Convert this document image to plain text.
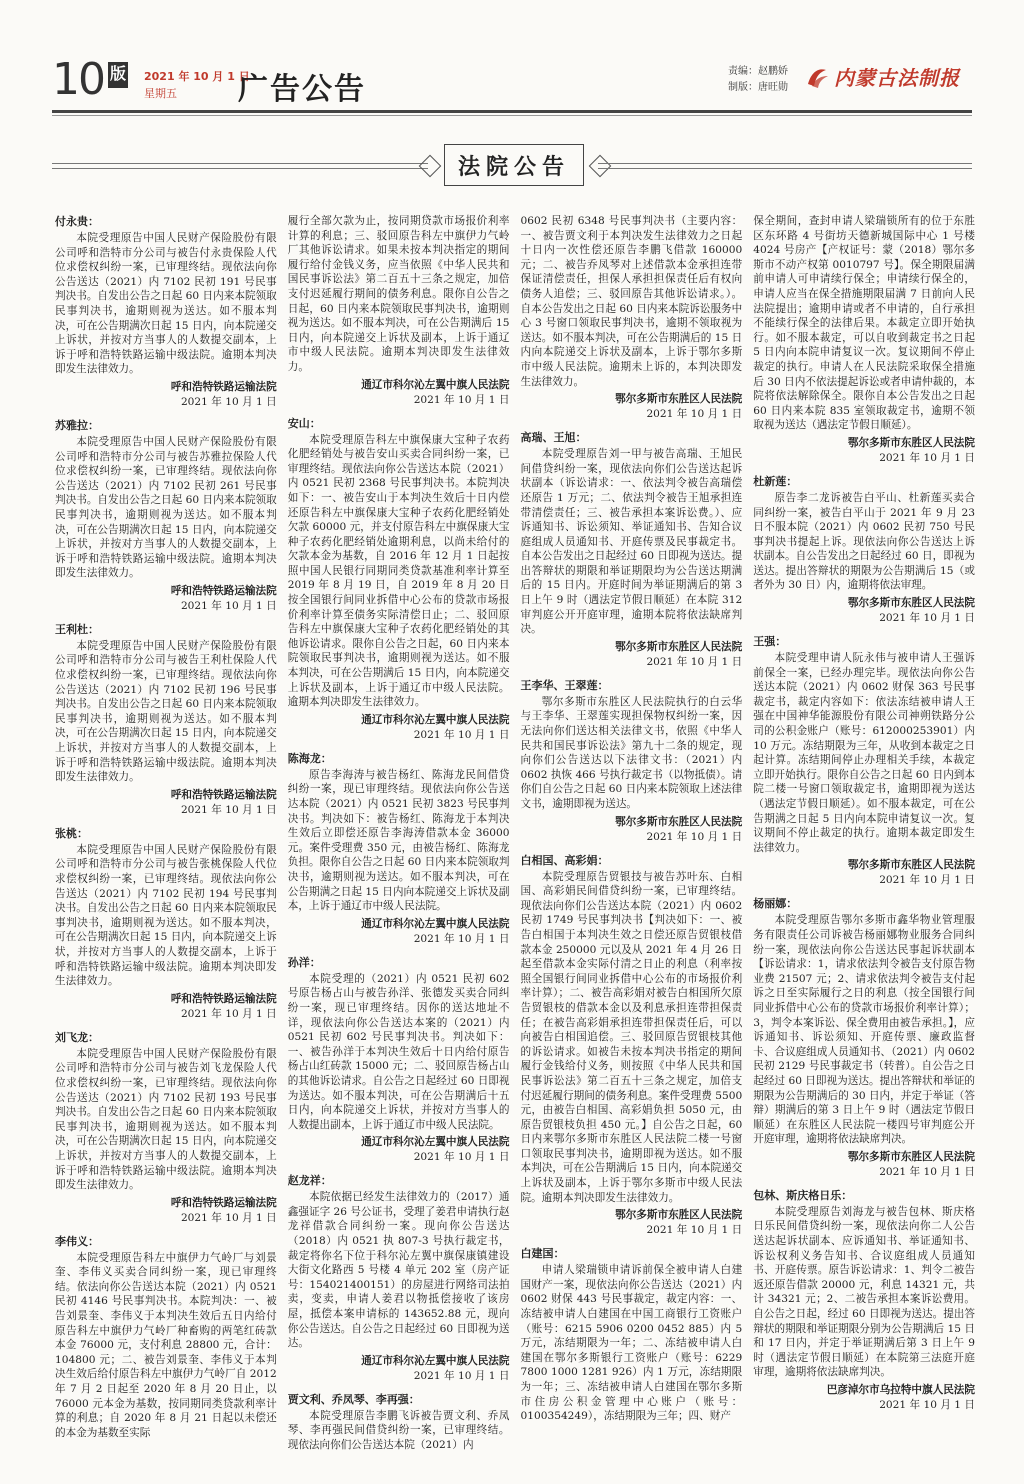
10 版 2021 年 10 月 1 日
星期五	广告公告
责编：赵鹏娇
制版：唐旺勋 内蒙古法制报
法院公告
付永贵：

本院受理原告中国人民财产保险股份有限公司呼和浩特市分公司与被告付永贵保险人代位求偿权纠纷一案，已审理终结。现依法向你公告送达（2021）内 7102 民初 191 号民事判决书。自发出公告之日起 60 日内来本院领取民事判决书，逾期则视为送达。如不服本判决，可在公告期满次日起 15 日内，向本院递交上诉状，并按对方当事人的人数提交副本，上诉于呼和浩特铁路运输中级法院。逾期本判决即发生法律效力。

呼和浩特铁路运输法院
2021 年 10 月 1 日
苏雅拉：

本院受理原告中国人民财产保险股份有限公司呼和浩特市分公司与被告苏雅拉保险人代位求偿权纠纷一案，已审理终结。现依法向你公告送达（2021）内 7102 民初 261 号民事判决书。自发出公告之日起 60 日内来本院领取民事判决书，逾期则视为送达。如不服本判决，可在公告期满次日起 15 日内，向本院递交上诉状，并按对方当事人的人数提交副本，上诉于呼和浩特铁路运输中级法院。逾期本判决即发生法律效力。

呼和浩特铁路运输法院
2021 年 10 月 1 日
王利杜：

本院受理原告中国人民财产保险股份有限公司呼和浩特市分公司与被告王利杜保险人代位求偿权纠纷一案，已审理终结。现依法向你公告送达（2021）内 7102 民初 196 号民事判决书。自发出公告之日起 60 日内来本院领取民事判决书，逾期则视为送达。如不服本判决，可在公告期满次日起 15 日内，向本院递交上诉状，并按对方当事人的人数提交副本，上诉于呼和浩特铁路运输中级法院。逾期本判决即发生法律效力。

呼和浩特铁路运输法院
2021 年 10 月 1 日
张桃：

本院受理原告中国人民财产保险股份有限公司呼和浩特市分公司与被告张桃保险人代位求偿权纠纷一案，已审理终结。现依法向你公告送达（2021）内 7102 民初 194 号民事判决书。自发出公告之日起 60 日内来本院领取民事判决书，逾期则视为送达。如不服本判决，可在公告期满次日起 15 日内，向本院递交上诉状，并按对方当事人的人数提交副本，上诉于呼和浩特铁路运输中级法院。逾期本判决即发生法律效力。

呼和浩特铁路运输法院
2021 年 10 月 1 日
刘飞龙：

本院受理原告中国人民财产保险股份有限公司呼和浩特市分公司与被告刘飞龙保险人代位求偿权纠纷一案，已审理终结。现依法向你公告送达（2021）内 7102 民初 193 号民事判决书。自发出公告之日起 60 日内来本院领取民事判决书，逾期则视为送达。如不服本判决，可在公告期满次日起 15 日内，向本院递交上诉状，并按对方当事人的人数提交副本，上诉于呼和浩特铁路运输中级法院。逾期本判决即发生法律效力。

呼和浩特铁路运输法院
2021 年 10 月 1 日
李伟义：

本院受理原告科左中旗伊力气岭厂与刘景奎、李伟义买卖合同纠纷一案，现已审理终结。依法向你公告送达本院（2021）内 0521 民初 4146 号民事判决书。本院判决：一、被告刘景奎、李伟义于本判决生效后五日内给付原告科左中旗伊力气岭厂种畜购的两笔红砖款本金 76000 元，支付利息 28800 元，合计：104800 元；二、被告刘景奎、李伟义于本判决生效后给付原告科左中旗伊力气岭厂自 2012 年 7 月 2 日起至 2020 年 8 月 20 日止，以 76000 元本金为基数，按同期同类贷款利率计算的利息；自 2020 年 8 月 21 日起以未偿还的本金为基数至实际

履行全部欠款为止，按同期贷款市场报价利率计算的利息；三、驳回原告科左中旗伊力气岭厂其他诉讼请求。如果未按本判决指定的期间履行给付金钱义务，应当依照《中华人民共和国民事诉讼法》第二百五十三条之规定，加倍支付迟延履行期间的债务利息。限你自公告之日起，60 日内来本院领取民事判决书，逾期则视为送达。如不服本判决，可在公告期满后 15 日内，向本院递交上诉状及副本，上诉于通辽市中级人民法院。逾期本判决即发生法律效力。

通辽市科尔沁左翼中旗人民法院
2021 年 10 月 1 日
安山：

本院受理原告科左中旗保康大宝种子农药化肥经销处与被告安山买卖合同纠纷一案，已审理终结。现依法向你公告送达本院（2021）内 0521 民初 2368 号民事判决书。本院判决如下：一、被告安山于本判决生效后十日内偿还原告科左中旗保康大宝种子农药化肥经销处欠款 60000 元，并支付原告科左中旗保康大宝种子农药化肥经销处逾期利息，以尚未给付的欠款本金为基数，自 2016 年 12 月 1 日起按照中国人民银行同期同类贷款基准利率计算至 2019 年 8 月 19 日，自 2019 年 8 月 20 日按全国银行间同业拆借中心公布的贷款市场报价利率计算至债务实际清偿日止；二、驳回原告科左中旗保康大宝种子农药化肥经销处的其他诉讼请求。限你自公告之日起，60 日内来本院领取民事判决书，逾期则视为送达。如不服本判决，可在公告期满后 15 日内，向本院递交上诉状及副本，上诉于通辽市中级人民法院。逾期本判决即发生法律效力。

通辽市科尔沁左翼中旗人民法院
2021 年 10 月 1 日
陈海龙：

原告李海涛与被告杨红、陈海龙民间借贷纠纷一案，现已审理终结。现依法向你公告送达本院（2021）内 0521 民初 3823 号民事判决书。判决如下：被告杨红、陈海龙于本判决生效后立即偿还原告李海涛借款本金 36000 元。案件受理费 350 元，由被告杨红、陈海龙负担。限你自公告之日起 60 日内来本院领取判决书，逾期则视为送达。如不服本判决，可在公告期满之日起 15 日内向本院递交上诉状及副本，上诉于通辽市中级人民法院。

通辽市科尔沁左翼中旗人民法院
2021 年 10 月 1 日
孙洋：

本院受理的（2021）内 0521 民初 602 号原告杨占山与被告孙洋、张德发买卖合同纠纷一案，现已审理终结。因你的送达地址不详，现依法向你公告送达本案的（2021）内 0521 民初 602 号民事判决书。判决如下：一、被告孙洋于本判决生效后十日内给付原告杨占山红砖款 15000 元；二、驳回原告杨占山的其他诉讼请求。自公告之日起经过 60 日即视为送达。如不服本判决，可在公告期满后十五日内，向本院递交上诉状，并按对方当事人的人数提出副本，上诉于通辽市中级人民法院。

通辽市科尔沁左翼中旗人民法院
2021 年 10 月 1 日
赵龙祥：

本院依据已经发生法律效力的（2017）通鑫强证字 26 号公证书，受理了姜君申请执行赵龙祥借款合同纠纷一案。现向你公告送达（2018）内 0521 执 807-3 号执行裁定书，裁定将你名下位于科尔沁左翼中旗保康镇建设大街文化路西 5 号楼 4 单元 202 室（房产证号：154021400151）的房屋进行网络司法拍卖，变卖，申请人姜君以物抵偿接收了该房屋，抵偿本案申请标的 143652.88 元，现向你公告送达。自公告之日起经过 60 日即视为送达。

通辽市科尔沁左翼中旗人民法院
2021 年 10 月 1 日
贾文利、乔凤琴、李再强：

本院受理原告李鹏飞诉被告贾文利、乔凤琴、李再强民间借贷纠纷一案，已审理终结。现依法向你们公告送达本院（2021）内

0602 民初 6348 号民事判决书（主要内容：一、被告贾文利于本判决发生法律效力之日起十日内一次性偿还原告李鹏飞借款 160000 元；二、被告乔凤琴对上述借款本金承担连带保证清偿责任，担保人承担担保责任后有权向债务人追偿；三、驳回原告其他诉讼请求。）。自本公告发出之日起 60 日内来本院诉讼服务中心 3 号窗口领取民事判决书，逾期不领取视为送达。如不服本判决，可在公告期满后的 15 日内向本院递交上诉状及副本，上诉于鄂尔多斯市中级人民法院。逾期未上诉的，本判决即发生法律效力。

鄂尔多斯市东胜区人民法院
2021 年 10 月 1 日
高瑞、王旭：

本院受理原告刘一甲与被告高瑞、王旭民间借贷纠纷一案，现依法向你们公告送达起诉状副本（诉讼请求：一、依法判令被告高瑞偿还原告 1 万元；二、依法判令被告王旭承担连带清偿责任；三、被告承担本案诉讼费。）、应诉通知书、诉讼须知、举证通知书、告知合议庭组成人员通知书、开庭传票及民事裁定书。自本公告发出之日起经过 60 日即视为送达。提出答辩状的期限和举证期限均为公告送达期满后的 15 日内。开庭时间为举证期满后的第 3 日上午 9 时（遇法定节假日顺延）在本院 312 审判庭公开开庭审理，逾期本院将依法缺席判决。

鄂尔多斯市东胜区人民法院
2021 年 10 月 1 日
王李华、王翠莲：

鄂尔多斯市东胜区人民法院执行的白云华与王李华、王翠莲实现担保物权纠纷一案，因无法向你们送达相关法律文书，依照《中华人民共和国民事诉讼法》第九十二条的规定，现向你们公告送达以下法律文书：（2021）内 0602 执恢 466 号执行裁定书（以物抵债）。请你们自公告之日起 60 日内来本院领取上述法律文书，逾期即视为送达。

鄂尔多斯市东胜区人民法院
2021 年 10 月 1 日
白相国、高彩娟：

本院受理原告贸银技与被告苏叶东、白相国、高彩娟民间借贷纠纷一案，已审理终结。现依法向你们公告送达本院（2021）内 0602 民初 1749 号民事判决书【判决如下：一、被告白相国于本判决生效之日偿还原告贸银枝借款本金 250000 元以及从 2021 年 4 月 26 日起至借款本金实际付清之日止的利息（利率按照全国银行间同业拆借中心公布的市场报价利率计算）；二、被告高彩娟对被告白相国所欠原告贸银枝的借款本金以及利息承担连带担保责任；在被告高彩娟承担连带担保责任后，可以向被告白相国追偿。三、驳回原告贸银枝其他的诉讼请求。如被告未按本判决书指定的期间履行金钱给付义务，则按照《中华人民共和国民事诉讼法》第二百五十三条之规定，加倍支付迟延履行期间的债务利息。案件受理费 5500 元，由被告白相国、高彩娟负担 5050 元，由原告贸银枝负担 450 元。】自公告之日起，60 日内来鄂尔多斯市东胜区人民法院二楼一号窗口领取民事判决书，逾期即视为送达。如不服本判决，可在公告期满后 15 日内，向本院递交上诉状及副本，上诉于鄂尔多斯市中级人民法院。逾期本判决即发生法律效力。

鄂尔多斯市东胜区人民法院
2021 年 10 月 1 日
白建国：

申请人梁瑞锁申请诉前保全被申请人白建国财产一案，现依法向你公告送达（2021）内 0602 财保 443 号民事裁定，裁定内容：一、冻结被申请人白建国在中国工商银行工资账户（账号：6215 5906 0200 0452 885）内 5 万元，冻结期限为一年；二、冻结被申请人白建国在鄂尔多斯银行工资账户（账号：6229 7800 1000 1281 926）内 1 万元，冻结期限为一年；三、冻结被申请人白建国在鄂尔多斯市住房公积金管理中心账户（账号：0100354249），冻结期限为三年；四、财产

保全期间，查封申请人梁瑞锁所有的位于东胜区东环路 4 号街坊天德新城国际中心 1 号楼 4024 号房产【产权证号：蒙（2018）鄂尔多斯市不动产权第 0010797 号】。保全期限届满前申请人可申请续行保全；申请续行保全的，申请人应当在保全措施期限届满 7 日前向人民法院提出；逾期申请或者不申请的，自行承担不能续行保全的法律后果。本裁定立即开始执行。如不服本裁定，可以自收到裁定书之日起 5 日内向本院申请复议一次。复议期间不停止裁定的执行。申请人在人民法院采取保全措施后 30 日内不依法提起诉讼或者申请仲裁的，本院将依法解除保全。限你自本公告发出之日起 60 日内来本院 835 室领取裁定书，逾期不领取视为送达（遇法定节假日顺延）。

鄂尔多斯市东胜区人民法院
2021 年 10 月 1 日
杜新莲：

原告李二龙诉被告白平山、杜新莲买卖合同纠纷一案，被告白平山于 2021 年 9 月 23 日不服本院（2021）内 0602 民初 750 号民事判决书提起上诉。现依法向你公告送达上诉状副本。自公告发出之日起经过 60 日，即视为送达。提出答辩状的期限为公告期满后 15（或者外为 30 日）内，逾期将依法审理。

鄂尔多斯市东胜区人民法院
2021 年 10 月 1 日
王强：

本院受理申请人阮永伟与被申请人王强诉前保全一案，已经办理完毕。现依法向你公告送达本院（2021）内 0602 财保 363 号民事裁定书，裁定内容如下：依法冻结被申请人王强在中国神华能源股份有限公司神朔铁路分公司的公积金账户（账号：612000253901）内 10 万元。冻结期限为三年，从收到本裁定之日起计算。冻结期间停止办理相关手续，本裁定立即开始执行。限你自公告之日起 60 日内到本院二楼一号窗口领取裁定书，逾期即视为送达（遇法定节假日顺延）。如不服本裁定，可在公告期满之日起 5 日内向本院申请复议一次。复议期间不停止裁定的执行。逾期本裁定即发生法律效力。

鄂尔多斯市东胜区人民法院
2021 年 10 月 1 日
杨丽娜：

本院受理原告鄂尔多斯市鑫华物业管理服务有限责任公司诉被告杨丽娜物业服务合同纠纷一案，现依法向你公告送达民事起诉状副本【诉讼请求：1，请求依法判令被告支付原告物业费 21507 元；2、请求依法判令被告支付起诉之日至实际履行之日的利息（按全国银行间同业拆借中心公布的贷款市场报价利率计算）；3，判令本案诉讼、保全费用由被告承担。】，应诉通知书、诉讼须知、开庭传票、廉政监督卡、合议庭组成人员通知书、（2021）内 0602 民初 2129 号民事裁定书（转普）。自公告之日起经过 60 日即视为送达。提出答辩状和举证的期限为公告期满后的 30 日内，并定于举证（答辩）期满后的第 3 日上午 9 时（遇法定节假日顺延）在东胜区人民法院一楼四号审判庭公开开庭审理，逾期将依法缺席判决。

鄂尔多斯市东胜区人民法院
2021 年 10 月 1 日
包林、斯庆格日乐：

本院受理原告刘海龙与被告包林、斯庆格日乐民间借贷纠纷一案，现依法向你二人公告送达起诉状副本、应诉通知书、举证通知书、诉讼权利义务告知书、合议庭组成人员通知书、开庭传票。原告诉讼请求：1、判令二被告返还原告借款 20000 元，利息 14321 元，共计 34321 元；2、二被告承担本案诉讼费用。自公告之日起，经过 60 日即视为送达。提出答辩状的期限和举证期限分别为公告期满后 15 日和 17 日内，并定于举证期满后第 3 日上午 9 时（遇法定节假日顺延）在本院第三法庭开庭审理，逾期将依法缺席判决。

巴彦淖尔市乌拉特中旗人民法院
2021 年 10 月 1 日
